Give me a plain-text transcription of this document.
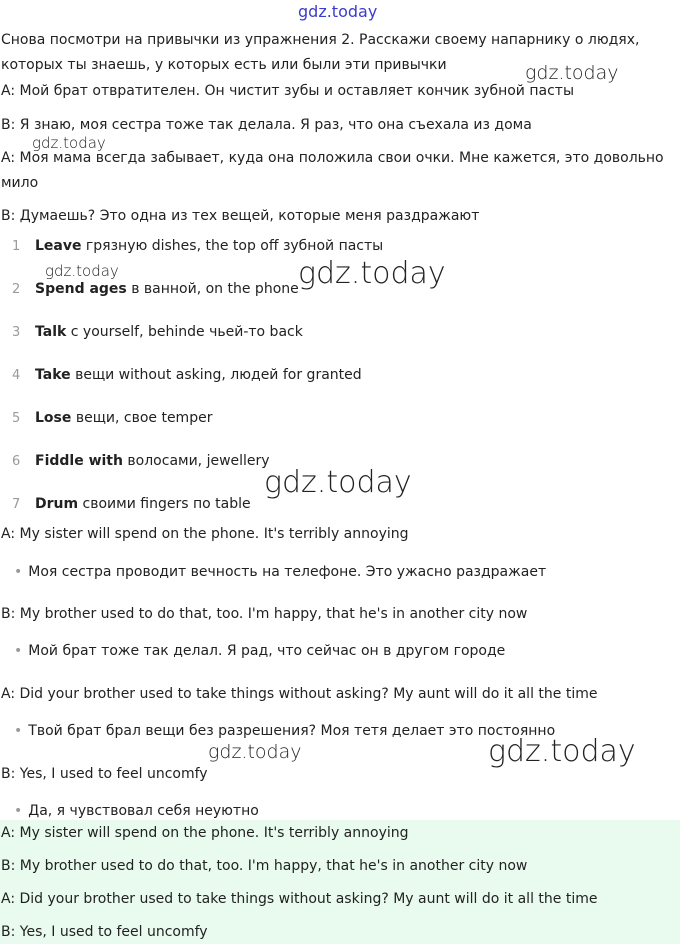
gdz.today
Снова посмотри на привычки из упражнения 2. Расскажи своему напарнику о людях,
которых ты знаешь, у которых есть или были эти привычки
A: Мой брат отвратителен. Он чистит зубы и оставляет кончик зубной пасты
B: Я знаю, моя сестра тоже так делала. Я раз, что она съехала из дома
A: Моя мама всегда забывает, куда она положила свои очки. Мне кажется, это довольно
мило
B: Думаешь? Это одна из тех вещей, которые меня раздражают
1	Leave грязную dishes, the top off зубной пасты
2	Spend ages в ванной, on the phone
3	Talk с yourself, behinde чьей-то back
4	Take вещи without asking, людей for granted
5	Lose вещи, свое temper
6	Fiddle with волосами, jewellery
7	Drum своими fingers по table
A: My sister will spend on the phone. It's terribly annoying
• Моя сестра проводит вечность на телефоне. Это ужасно раздражает
B: My brother used to do that, too. I'm happy, that he's in another city now
• Мой брат тоже так делал. Я рад, что сейчас он в другом городе
A: Did your brother used to take things without asking? My aunt will do it all the time
• Твой брат брал вещи без разрешения? Моя тетя делает это постоянно
B: Yes, I used to feel uncomfy
• Да, я чувствовал себя неуютно
A: My sister will spend on the phone. It's terribly annoying
B: My brother used to do that, too. I'm happy, that he's in another city now
A: Did your brother used to take things without asking? My aunt will do it all the time
B: Yes, I used to feel uncomfy
gdz.today
gdz.today
gdz.today	gdz.today
gdz.today
gdz.today	gdz.today
